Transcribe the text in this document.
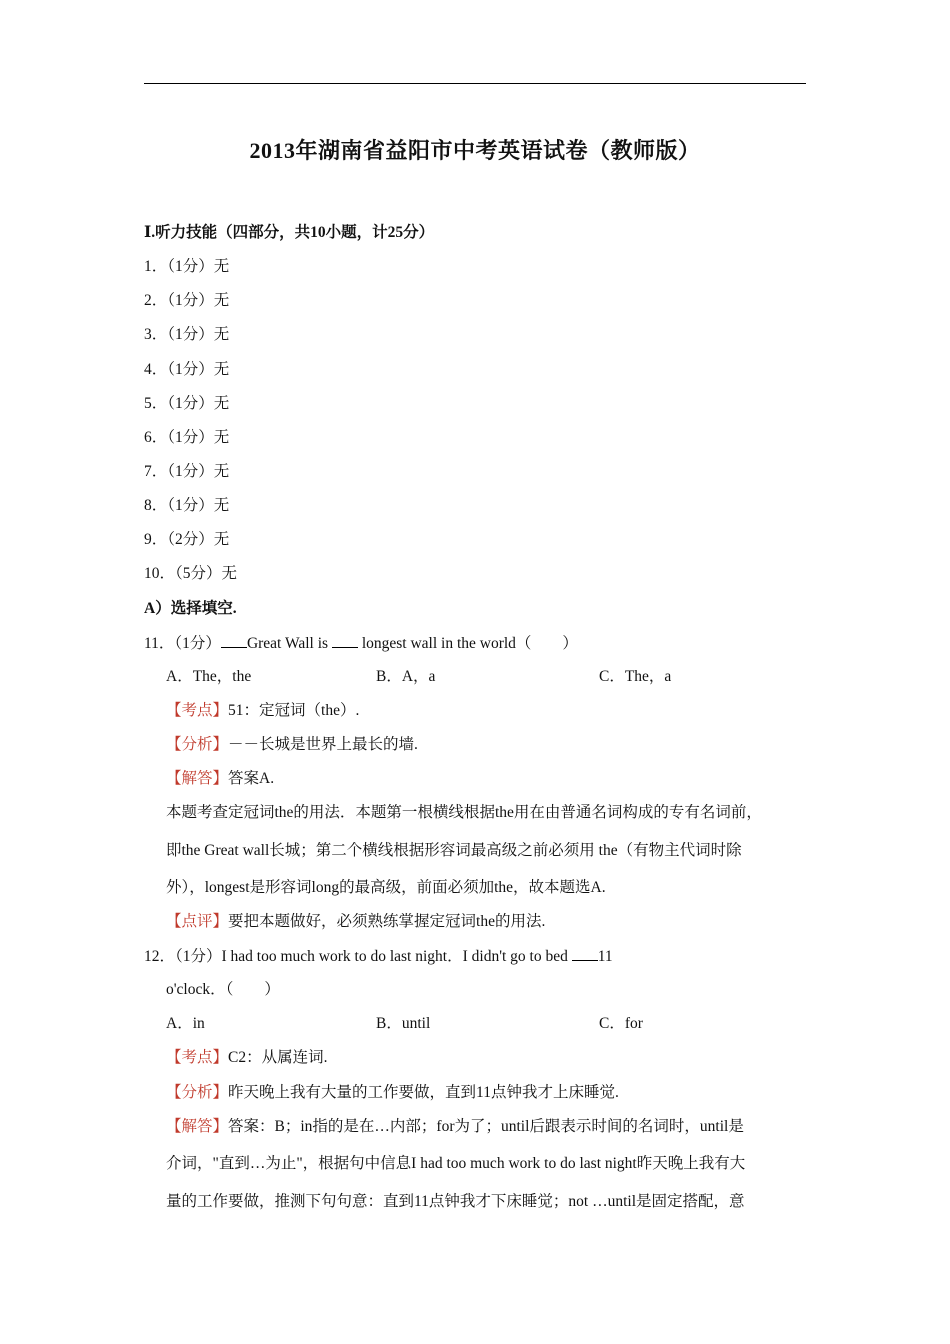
2013年湖南省益阳市中考英语试卷（教师版）
Ⅰ.听力技能（四部分，共10小题，计25分）
1．（1分）无
2．（1分）无
3．（1分）无
4．（1分）无
5．（1分）无
6．（1分）无
7．（1分）无
8．（1分）无
9．（2分）无
10．（5分）无
A）选择填空.
11．（1分） Great Wall is  longest wall in the world（　　）
A．The，the	B．A，a	C．The，a
【考点】51：定冠词（the）.
【分析】－－长城是世界上最长的墙.
【解答】答案A.
本题考查定冠词the的用法．本题第一根横线根据the用在由普通名词构成的专有名词前，
即the Great wall长城；第二个横线根据形容词最高级之前必须用 the（有物主代词时除
外），longest是形容词long的最高级，前面必须加the，故本题选A.
【点评】要把本题做好，必须熟练掌握定冠词the的用法.
12．（1分）I had too much work to do last night．I didn't go to bed 11
o'clock．（　　）
A．in	B．until	C．for
【考点】C2：从属连词.
【分析】昨天晚上我有大量的工作要做，直到11点钟我才上床睡觉.
【解答】答案：B；in指的是在…内部；for为了；until后跟表示时间的名词时，until是
介词，"直到…为止"，根据句中信息I had too much work to do last night昨天晚上我有大
量的工作要做，推测下句句意：直到11点钟我才下床睡觉；not …until是固定搭配，意
